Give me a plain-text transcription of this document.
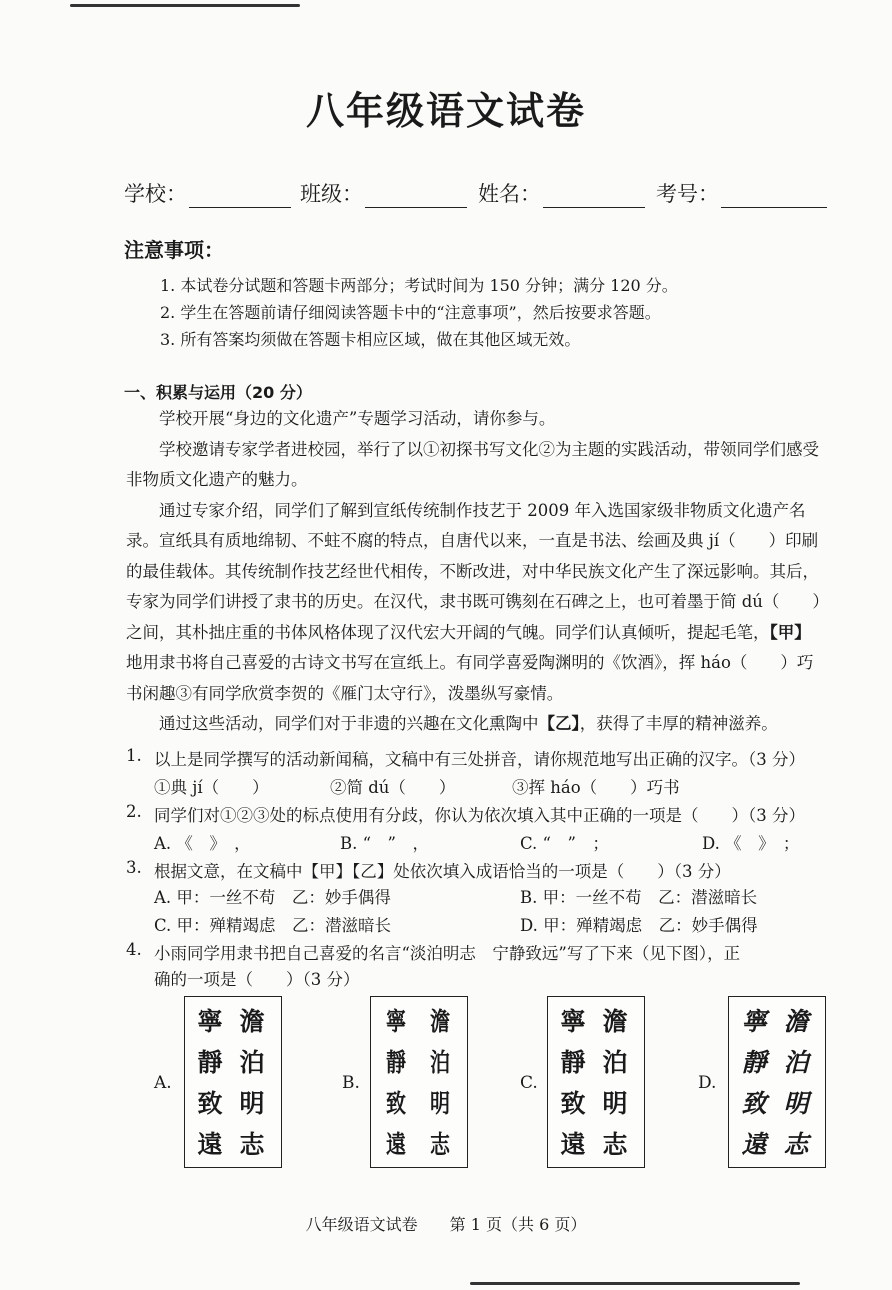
八年级语文试卷
学校：	班级：	姓名：	考号：
注意事项：
1. 本试卷分试题和答题卡两部分；考试时间为 150 分钟；满分 120 分。
2. 学生在答题前请仔细阅读答题卡中的“注意事项”，然后按要求答题。
3. 所有答案均须做在答题卡相应区域，做在其他区域无效。
一、积累与运用（20 分）
学校开展“身边的文化遗产”专题学习活动，请你参与。
学校邀请专家学者进校园，举行了以①初探书写文化②为主题的实践活动，带领同学们感受非物质文化遗产的魅力。
通过专家介绍，同学们了解到宣纸传统制作技艺于 2009 年入选国家级非物质文化遗产名录。宣纸具有质地绵韧、不蛀不腐的特点，自唐代以来，一直是书法、绘画及典 jí（　　）印刷的最佳载体。其传统制作技艺经世代相传，不断改进，对中华民族文化产生了深远影响。其后，专家为同学们讲授了隶书的历史。在汉代，隶书既可镌刻在石碑之上，也可着墨于简 dú（　　）之间，其朴拙庄重的书体风格体现了汉代宏大开阔的气魄。同学们认真倾听，提起毛笔，【甲】地用隶书将自己喜爱的古诗文书写在宣纸上。有同学喜爱陶渊明的《饮酒》，挥 háo（　　）巧书闲趣③有同学欣赏李贺的《雁门太守行》，泼墨纵写豪情。
通过这些活动，同学们对于非遗的兴趣在文化熏陶中【乙】，获得了丰厚的精神滋养。
1. 以上是同学撰写的活动新闻稿，文稿中有三处拼音，请你规范地写出正确的汉字。（3 分）
①典 jí（　　）	②简 dú（　　）	③挥 háo（　　）巧书
2. 同学们对①②③处的标点使用有分歧，你认为依次填入其中正确的一项是（　　）（3 分）
A. 《　》　，	B. “　”　，	C. “　”　；	D. 《　》　；
3. 根据文意，在文稿中【甲】【乙】处依次填入成语恰当的一项是（　　）（3 分）
A. 甲：一丝不苟　乙：妙手偶得	B. 甲：一丝不苟　乙：潜滋暗长
C. 甲：殚精竭虑　乙：潜滋暗长	D. 甲：殚精竭虑　乙：妙手偶得
4. 小雨同学用隶书把自己喜爱的名言“淡泊明志　宁静致远”写了下来（见下图），正
确的一项是（　　）（3 分）
A.
寧靜致遠
澹泊明志
B.
寧靜致遠
澹泊明志
C.
寧靜致遠
澹泊明志
D.
寧靜致遠
澹泊明志
八年级语文试卷　　第 1 页（共 6 页）
